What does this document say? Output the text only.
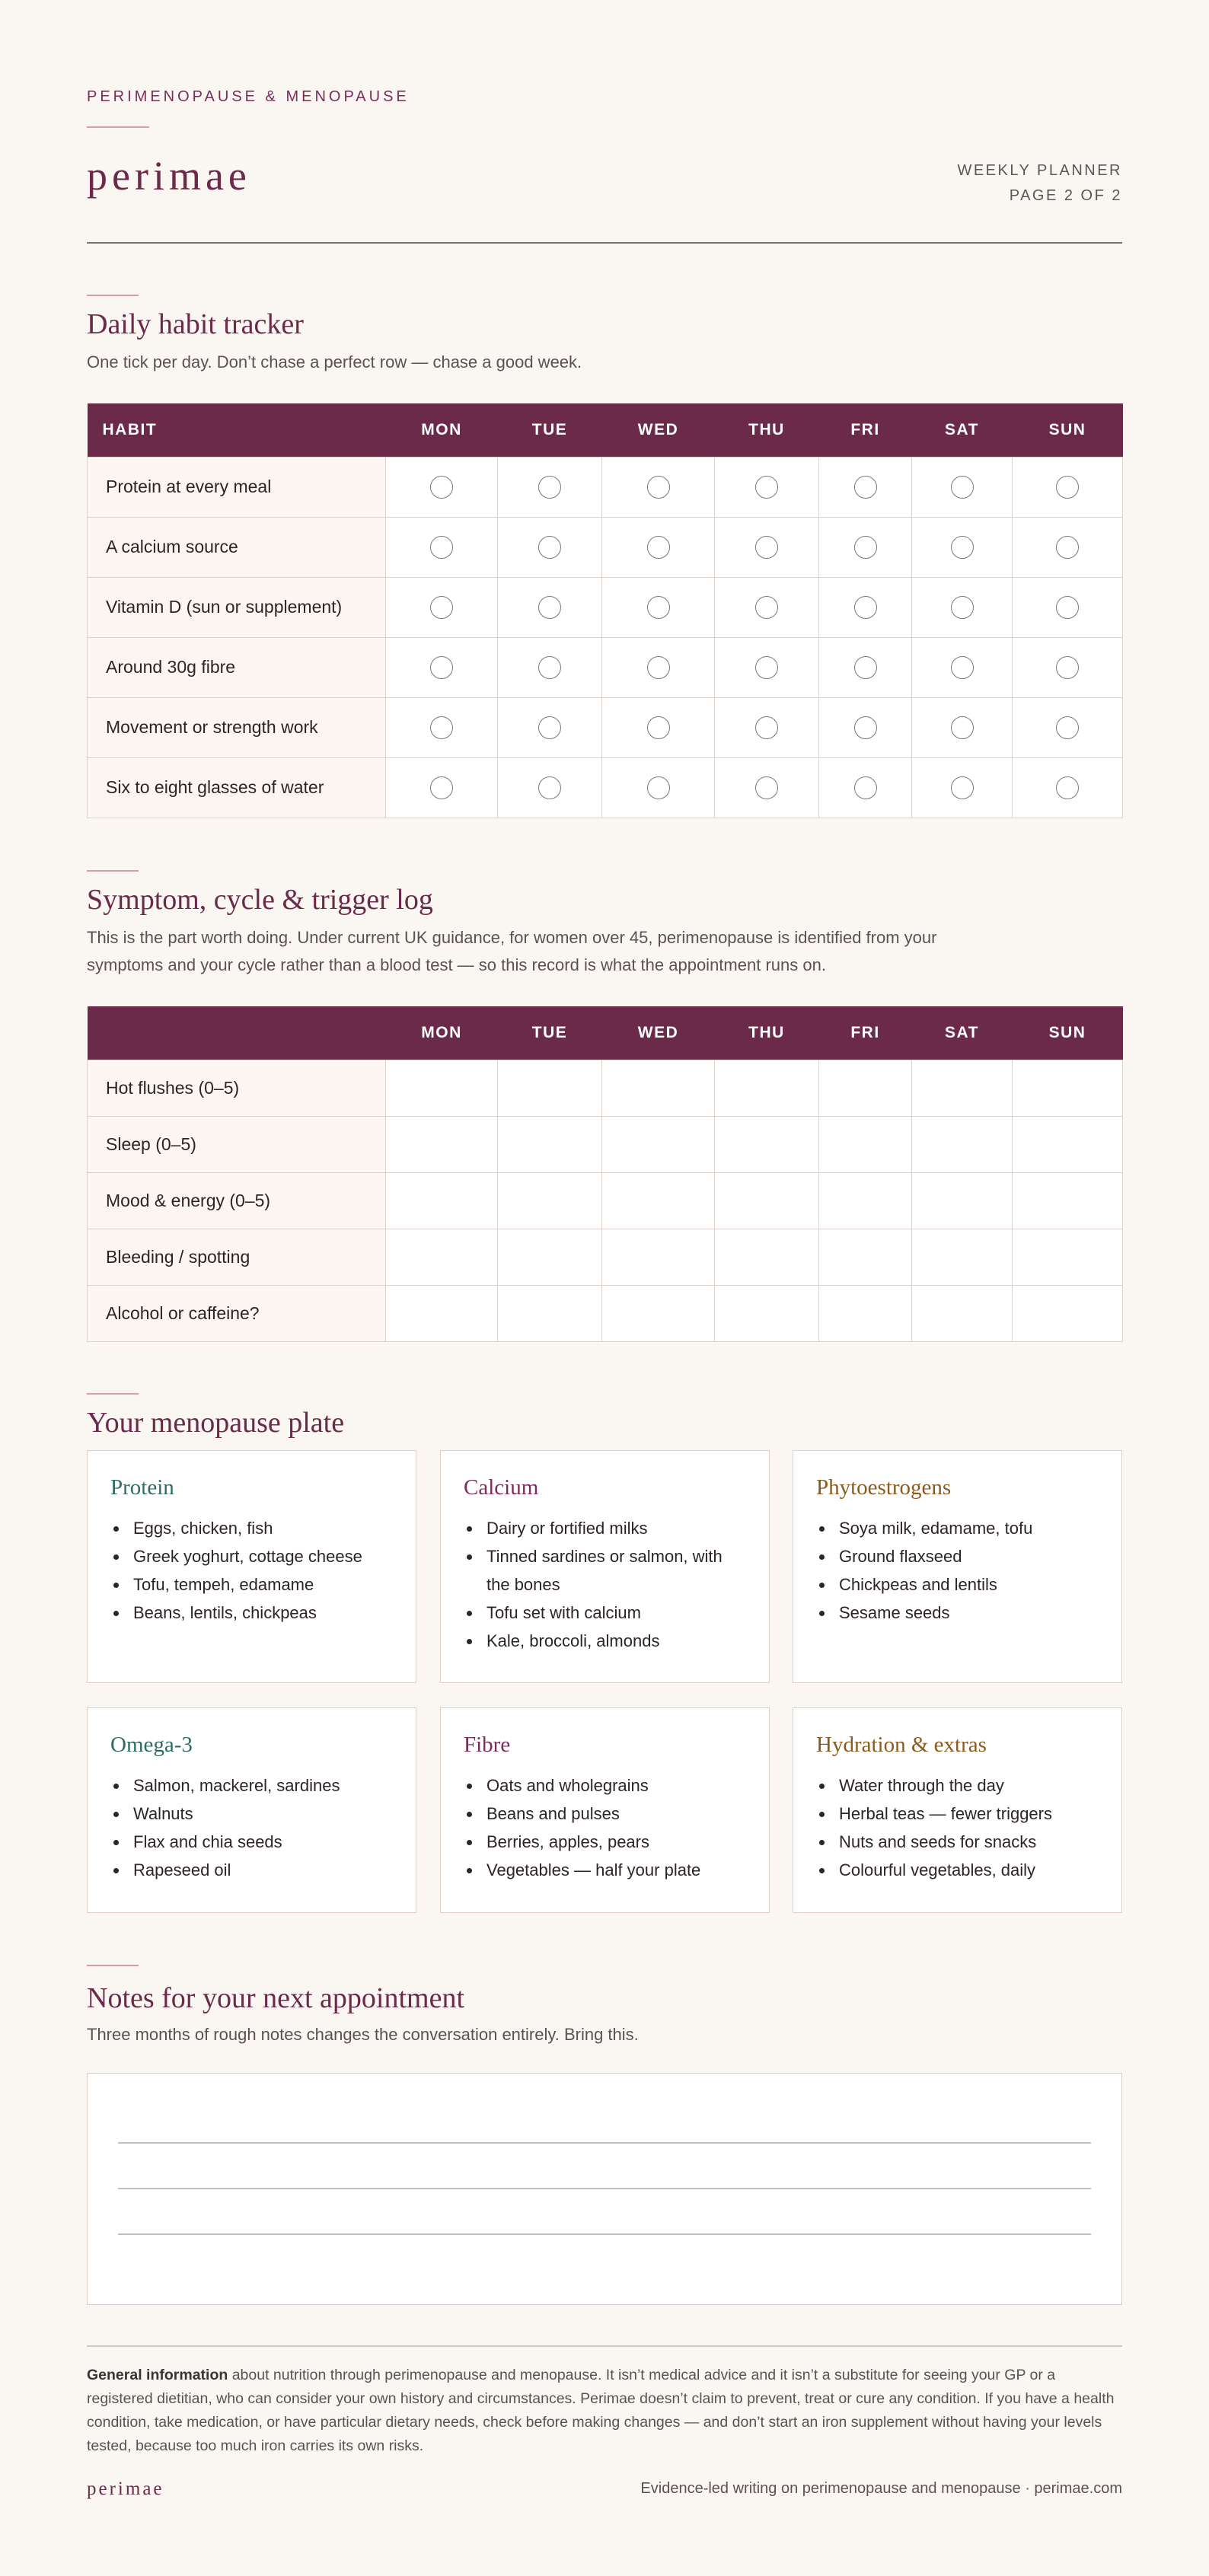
PERIMENOPAUSE & MENOPAUSE
perimae	WEEKLY PLANNER
PAGE 2 OF 2
Daily habit tracker
One tick per day. Don’t chase a perfect row — chase a good week.
HABIT	MON	TUE	WED	THU	FRI	SAT	SUN
Protein at every meal							
A calcium source							
Vitamin D (sun or supplement)							
Around 30g fibre							
Movement or strength work							
Six to eight glasses of water							
Symptom, cycle & trigger log
This is the part worth doing. Under current UK guidance, for women over 45, perimenopause is identified from your symptoms and your cycle rather than a blood test — so this record is what the appointment runs on.
	MON	TUE	WED	THU	FRI	SAT	SUN
Hot flushes (0–5)							
Sleep (0–5)							
Mood & energy (0–5)							
Bleeding / spotting							
Alcohol or caffeine?							
Your menopause plate
Protein
Eggs, chicken, fish
Greek yoghurt, cottage cheese
Tofu, tempeh, edamame
Beans, lentils, chickpeas
Calcium
Dairy or fortified milks
Tinned sardines or salmon, with the bones
Tofu set with calcium
Kale, broccoli, almonds
Phytoestrogens
Soya milk, edamame, tofu
Ground flaxseed
Chickpeas and lentils
Sesame seeds
Omega-3
Salmon, mackerel, sardines
Walnuts
Flax and chia seeds
Rapeseed oil
Fibre
Oats and wholegrains
Beans and pulses
Berries, apples, pears
Vegetables — half your plate
Hydration & extras
Water through the day
Herbal teas — fewer triggers
Nuts and seeds for snacks
Colourful vegetables, daily
Notes for your next appointment
Three months of rough notes changes the conversation entirely. Bring this.
General information about nutrition through perimenopause and menopause. It isn’t medical advice and it isn’t a substitute for seeing your GP or a registered dietitian, who can consider your own history and circumstances. Perimae doesn’t claim to prevent, treat or cure any condition. If you have a health condition, take medication, or have particular dietary needs, check before making changes — and don’t start an iron supplement without having your levels tested, because too much iron carries its own risks.
perimae	Evidence-led writing on perimenopause and menopause · perimae.com
